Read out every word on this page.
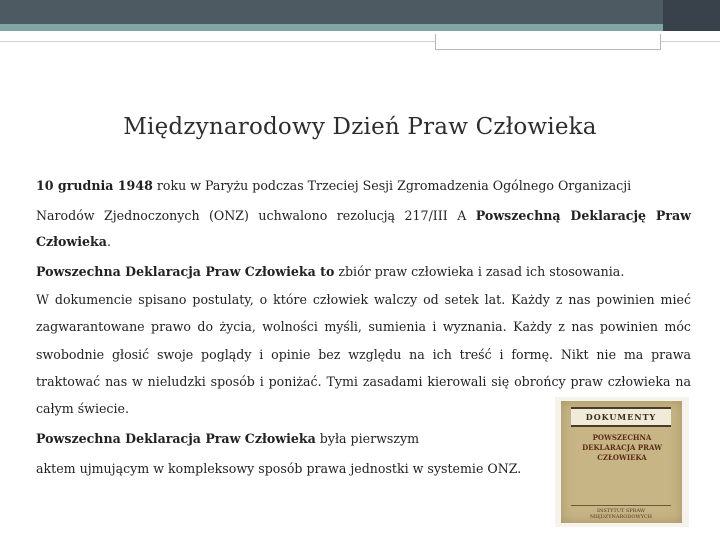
Międzynarodowy Dzień Praw Człowieka
10 grudnia 1948 roku w Paryżu podczas Trzeciej Sesji Zgromadzenia Ogólnego Organizacji
Narodów Zjednoczonych (ONZ) uchwalono rezolucją 217/III A Powszechną Deklarację Praw
Człowieka.
Powszechna Deklaracja Praw Człowieka to zbiór praw człowieka i zasad ich stosowania.
W dokumencie spisano postulaty, o które człowiek walczy od setek lat. Każdy z nas powinien mieć
zagwarantowane prawo do życia, wolności myśli, sumienia i wyznania. Każdy z nas powinien móc
swobodnie głosić swoje poglądy i opinie bez względu na ich treść i formę. Nikt nie ma prawa
traktować nas w nieludzki sposób i poniżać. Tymi zasadami kierowali się obrońcy praw człowieka na
całym świecie.
Powszechna Deklaracja Praw Człowieka była pierwszym
aktem ujmującym w kompleksowy sposób prawa jednostki w systemie ONZ.
DOKUMENTY
POWSZECHNA DEKLARACJA PRAW CZŁOWIEKA
INSTYTUT SPRAW MIĘDZYNARODOWYCH
